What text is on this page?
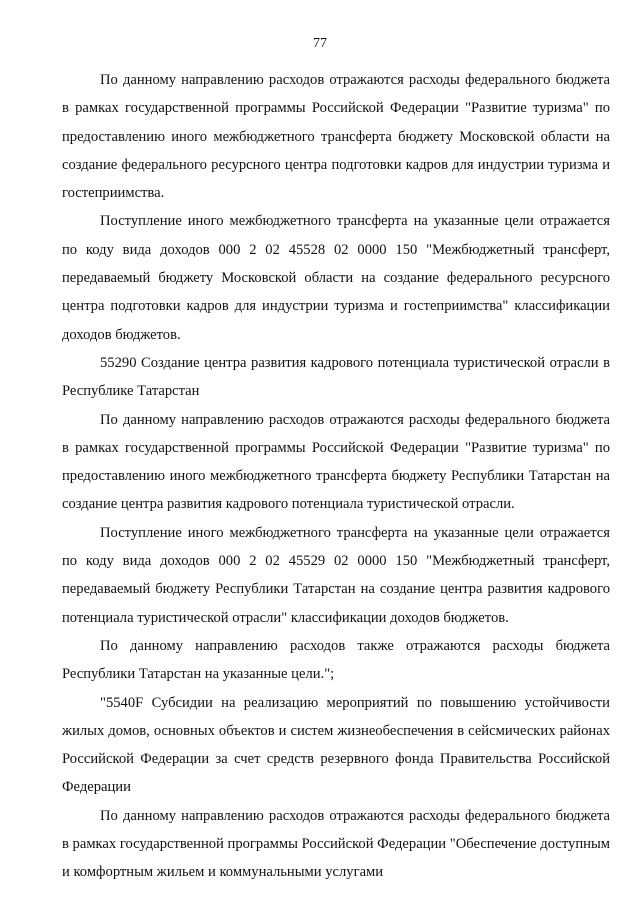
77

По данному направлению расходов отражаются расходы федерального бюджета в рамках государственной программы Российской Федерации "Развитие туризма" по предоставлению иного межбюджетного трансферта бюджету Московской области на создание федерального ресурсного центра подготовки кадров для индустрии туризма и гостеприимства.

Поступление иного межбюджетного трансферта на указанные цели отражается по коду вида доходов 000 2 02 45528 02 0000 150 "Межбюджетный трансферт, передаваемый бюджету Московской области на создание федерального ресурсного центра подготовки кадров для индустрии туризма и гостеприимства" классификации доходов бюджетов.

55290 Создание центра развития кадрового потенциала туристической отрасли в Республике Татарстан

По данному направлению расходов отражаются расходы федерального бюджета в рамках государственной программы Российской Федерации "Развитие туризма" по предоставлению иного межбюджетного трансферта бюджету Республики Татарстан на создание центра развития кадрового потенциала туристической отрасли.

Поступление иного межбюджетного трансферта на указанные цели отражается по коду вида доходов 000 2 02 45529 02 0000 150 "Межбюджетный трансферт, передаваемый бюджету Республики Татарстан на создание центра развития кадрового потенциала туристической отрасли" классификации доходов бюджетов.

По данному направлению расходов также отражаются расходы бюджета Республики Татарстан на указанные цели.";

"5540F Субсидии на реализацию мероприятий по повышению устойчивости жилых домов, основных объектов и систем жизнеобеспечения в сейсмических районах Российской Федерации за счет средств резервного фонда Правительства Российской Федерации

По данному направлению расходов отражаются расходы федерального бюджета в рамках государственной программы Российской Федерации "Обеспечение доступным и комфортным жильем и коммунальными услугами
